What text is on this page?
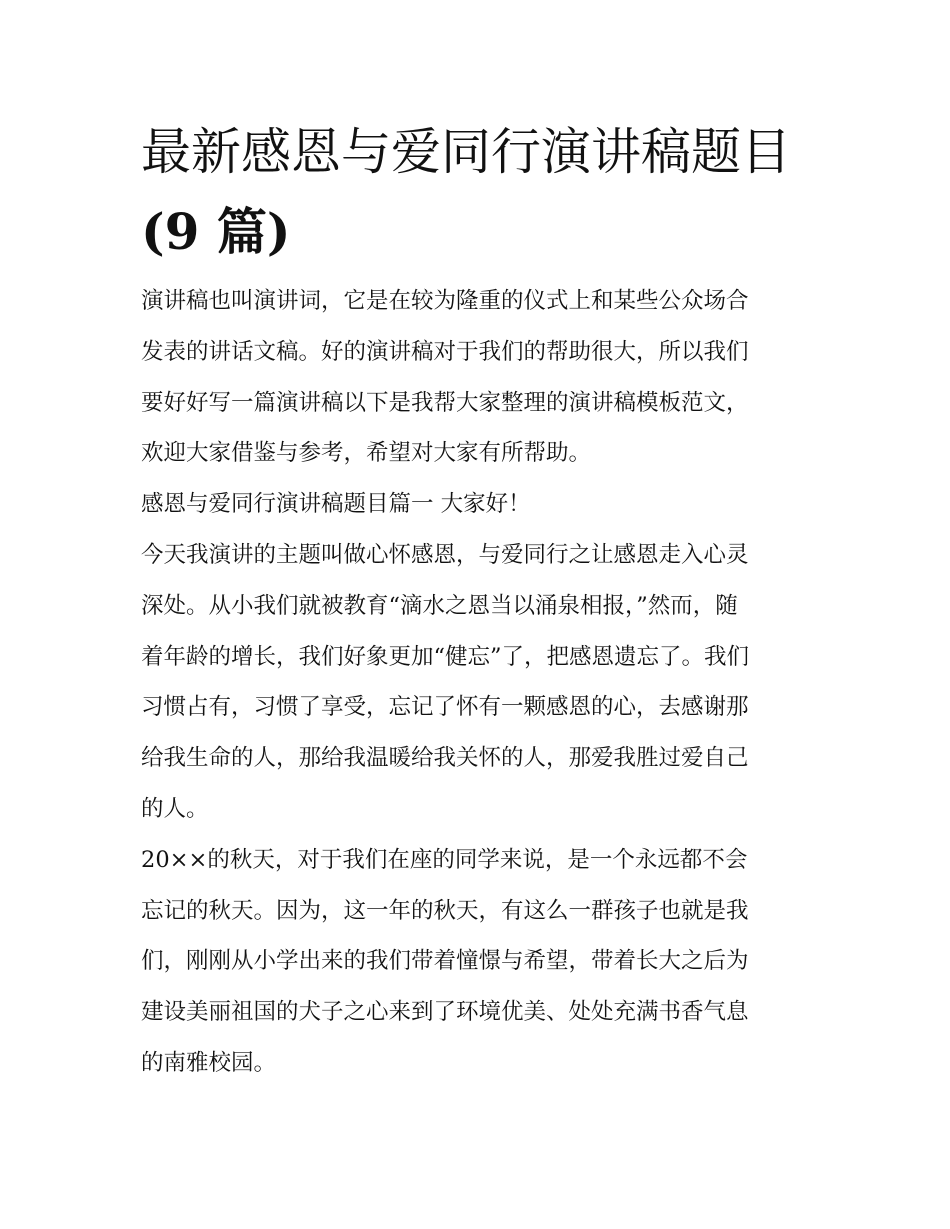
最新感恩与爱同行演讲稿题目
(9 篇)

演讲稿也叫演讲词，它是在较为隆重的仪式上和某些公众场合
发表的讲话文稿。好的演讲稿对于我们的帮助很大，所以我们
要好好写一篇演讲稿以下是我帮大家整理的演讲稿模板范文，
欢迎大家借鉴与参考，希望对大家有所帮助。

感恩与爱同行演讲稿题目篇一 大家好！

今天我演讲的主题叫做心怀感恩，与爱同行之让感恩走入心灵
深处。从小我们就被教育“滴水之恩当以涌泉相报，”然而，随
着年龄的增长，我们好象更加“健忘”了，把感恩遗忘了。我们
习惯占有，习惯了享受，忘记了怀有一颗感恩的心，去感谢那
给我生命的人，那给我温暖给我关怀的人，那爱我胜过爱自己
的人。

20××的秋天，对于我们在座的同学来说，是一个永远都不会
忘记的秋天。因为，这一年的秋天，有这么一群孩子也就是我
们，刚刚从小学出来的我们带着憧憬与希望，带着长大之后为
建设美丽祖国的犬子之心来到了环境优美、处处充满书香气息
的南雅校园。
